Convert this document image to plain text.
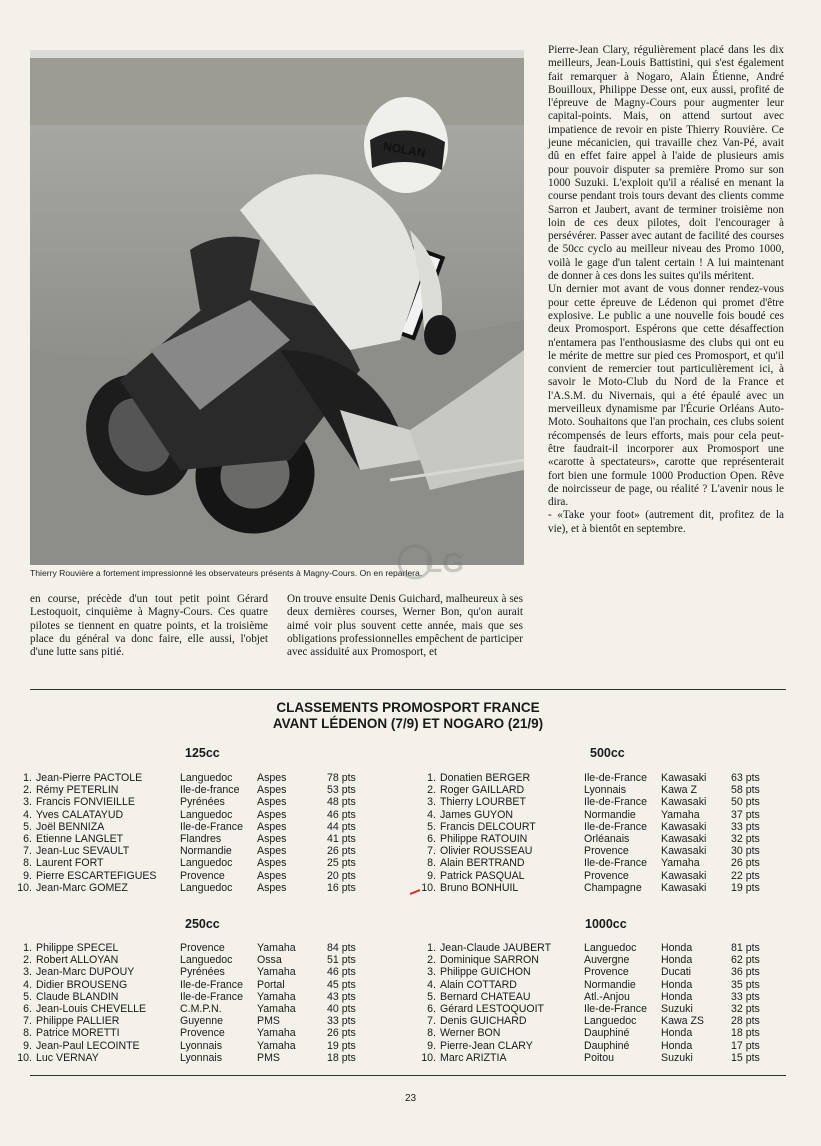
NOLAN
Thierry Rouvière a fortement impressionné les observateurs présents à Magny-Cours. On en reparlera. LG

en course, précède d'un tout petit point Gérard Lestoquoit, cinquième à Magny-Cours. Ces quatre pilotes se tiennent en quatre points, et la troisième place du général va donc faire, elle aussi, l'objet d'une lutte sans pitié.

On trouve ensuite Denis Guichard, malheureux à ses deux dernières courses, Werner Bon, qu'on aurait aimé voir plus souvent cette année, mais que ses obligations professionnelles empêchent de participer avec assiduité aux Promosport, et

Pierre-Jean Clary, régulièrement placé dans les dix meilleurs, Jean-Louis Battistini, qui s'est également fait remarquer à Nogaro, Alain Étienne, André Bouilloux, Philippe Desse ont, eux aussi, profité de l'épreuve de Magny-Cours pour augmenter leur capital-points. Mais, on attend surtout avec impatience de revoir en piste Thierry Rouvière. Ce jeune mécanicien, qui travaille chez Van-Pé, avait dû en effet faire appel à l'aide de plusieurs amis pour pouvoir disputer sa première Promo sur son 1000 Suzuki. L'exploit qu'il a réalisé en menant la course pendant trois tours devant des clients comme Sarron et Jaubert, avant de terminer troisième non loin de ces deux pilotes, doit l'encourager à persévérer. Passer avec autant de facilité des courses de 50cc cyclo au meilleur niveau des Promo 1000, voilà le gage d'un talent certain ! A lui maintenant de donner à ces dons les suites qu'ils méritent.

Un dernier mot avant de vous donner rendez-vous pour cette épreuve de Lédenon qui promet d'être explosive. Le public a une nouvelle fois boudé ces deux Promosport. Espérons que cette désaffection n'entamera pas l'enthousiasme des clubs qui ont eu le mérite de mettre sur pied ces Promosport, et qu'il convient de remercier tout particulièrement ici, à savoir le Moto-Club du Nord de la France et l'A.S.M. du Nivernais, qui a été épaulé avec un merveilleux dynamisme par l'Écurie Orléans Auto-Moto. Souhaitons que l'an prochain, ces clubs soient récompensés de leurs efforts, mais pour cela peut-être faudrait-il incorporer aux Promosport une «carotte à spectateurs», carotte que représenterait fort bien une formule 1000 Production Open. Rêve de noircisseur de page, ou réalité ? L'avenir nous le dira.

- «Take your foot» (autrement dit, profitez de la vie), et à bientôt en septembre.

CLASSEMENTS PROMOSPORT FRANCE
AVANT LÉDENON (7/9) ET NOGARO (21/9)
125cc	500cc
250cc	1000cc
1.	Jean-Pierre PACTOLE	Languedoc	Aspes	78 pts
2.	Rémy PETERLIN	Ile-de-france	Aspes	53 pts
3.	Francis FONVIEILLE	Pyrénées	Aspes	48 pts
4.	Yves CALATAYUD	Languedoc	Aspes	46 pts
5.	Joël BENNIZA	Ile-de-France	Aspes	44 pts
6.	Etienne LANGLET	Flandres	Aspes	41 pts
7.	Jean-Luc SEVAULT	Normandie	Aspes	26 pts
8.	Laurent FORT	Languedoc	Aspes	25 pts
9.	Pierre ESCARTEFIGUES	Provence	Aspes	20 pts
10.	Jean-Marc GOMEZ	Languedoc	Aspes	16 pts
1.	Donatien BERGER	Ile-de-France	Kawasaki	63 pts
2.	Roger GAILLARD	Lyonnais	Kawa Z	58 pts
3.	Thierry LOURBET	Ile-de-France	Kawasaki	50 pts
4.	James GUYON	Normandie	Yamaha	37 pts
5.	Francis DELCOURT	Ile-de-France	Kawasaki	33 pts
6.	Philippe RATOUIN	Orléanais	Kawasaki	32 pts
7.	Olivier ROUSSEAU	Provence	Kawasaki	30 pts
8.	Alain BERTRAND	Ile-de-France	Yamaha	26 pts
9.	Patrick PASQUAL	Provence	Kawasaki	22 pts
10.	Bruno BONHUIL	Champagne	Kawasaki	19 pts
1.	Philippe SPECEL	Provence	Yamaha	84 pts
2.	Robert ALLOYAN	Languedoc	Ossa	51 pts
3.	Jean-Marc DUPOUY	Pyrénées	Yamaha	46 pts
4.	Didier BROUSENG	Ile-de-France	Portal	45 pts
5.	Claude BLANDIN	Ile-de-France	Yamaha	43 pts
6.	Jean-Louis CHEVELLE	C.M.P.N.	Yamaha	40 pts
7.	Philippe PALLIER	Guyenne	PMS	33 pts
8.	Patrice MORETTI	Provence	Yamaha	26 pts
9.	Jean-Paul LECOINTE	Lyonnais	Yamaha	19 pts
10.	Luc VERNAY	Lyonnais	PMS	18 pts
1.	Jean-Claude JAUBERT	Languedoc	Honda	81 pts
2.	Dominique SARRON	Auvergne	Honda	62 pts
3.	Philippe GUICHON	Provence	Ducati	36 pts
4.	Alain COTTARD	Normandie	Honda	35 pts
5.	Bernard CHATEAU	Atl.-Anjou	Honda	33 pts
6.	Gérard LESTOQUOIT	Ile-de-France	Suzuki	32 pts
7.	Denis GUICHARD	Languedoc	Kawa ZS	28 pts
8.	Werner BON	Dauphiné	Honda	18 pts
9.	Pierre-Jean CLARY	Dauphiné	Honda	17 pts
10.	Marc ARIZTIA	Poitou	Suzuki	15 pts
23
